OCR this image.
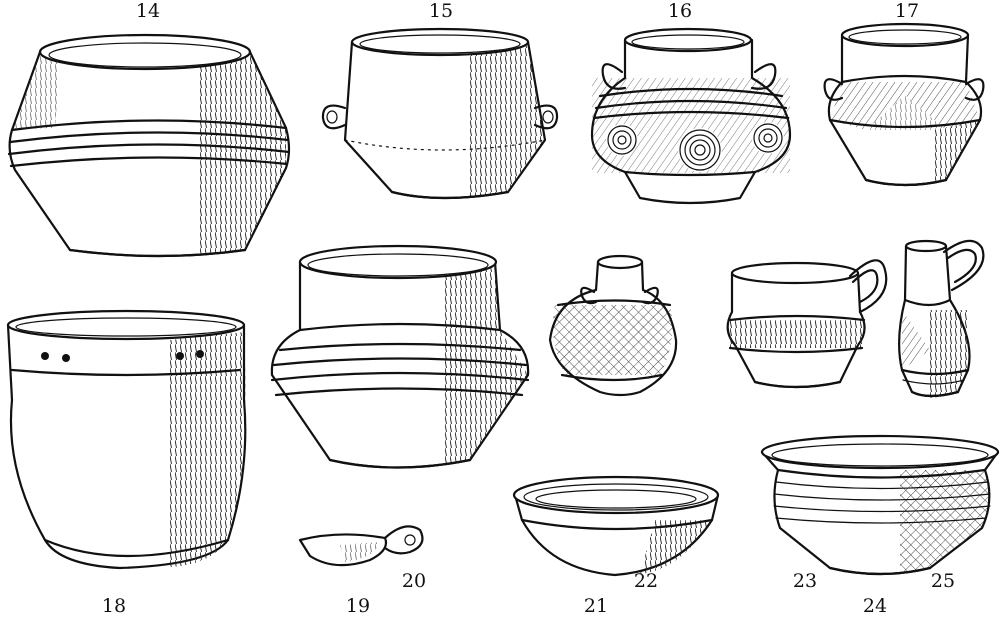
14	15	16	17
18	19
20
21
22	23
24
25
